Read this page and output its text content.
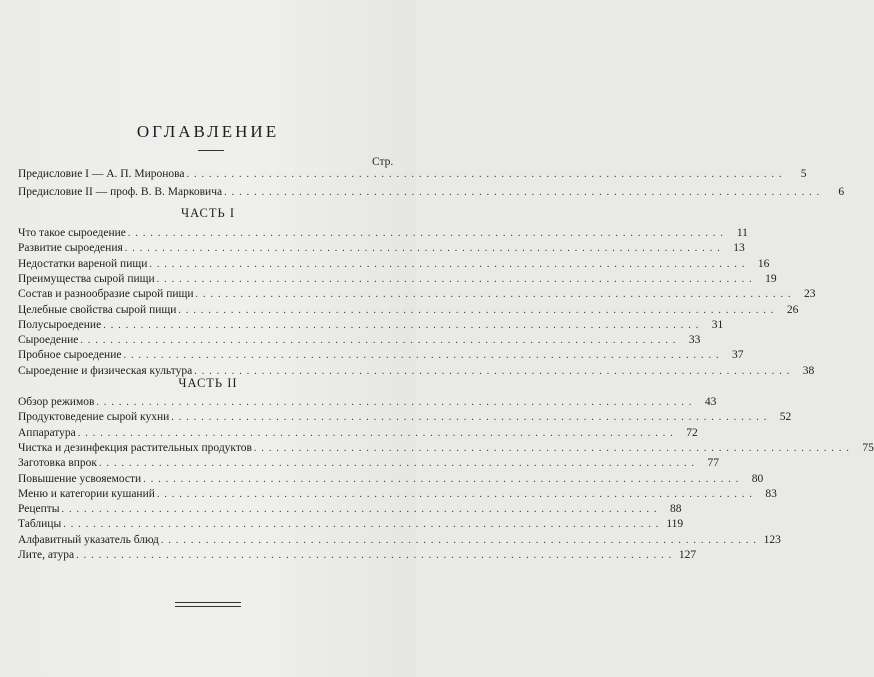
ОГЛАВЛЕНИЕ
Стр.
Предисловие I — А. П. Миронова ................................................................................	5
Предисловие II — проф. В. В. Марковича ................................................................................	6
ЧАСТЬ I
Что такое сыроедение ................................................................................ 11
Развитие сыроедения ................................................................................ 13
Недостатки вареной пищи ................................................................................ 16
Преимущества сырой пищи ................................................................................ 19
Состав и разнообразие сырой пищи ................................................................................ 23
Целебные свойства сырой пищи ................................................................................ 26
Полусыроедение ................................................................................ 31
Сыроедение ................................................................................ 33
Пробное сыроедение ................................................................................ 37
Сыроедение и физическая культура ................................................................................ 38
ЧАСТЬ II
Обзор режимов ................................................................................ 43
Продуктоведение сырой кухни ................................................................................ 52
Аппаратура ................................................................................ 72
Чистка и дезинфекция растительных продуктов ................................................................................ 75
Заготовка впрок ................................................................................ 77
Повышение усвояемости ................................................................................ 80
Меню и категории кушаний ................................................................................ 83
Рецепты ................................................................................ 88
Таблицы ................................................................................ 119
Алфавитный указатель блюд ................................................................................ 123
Лите, атура ................................................................................ 127
